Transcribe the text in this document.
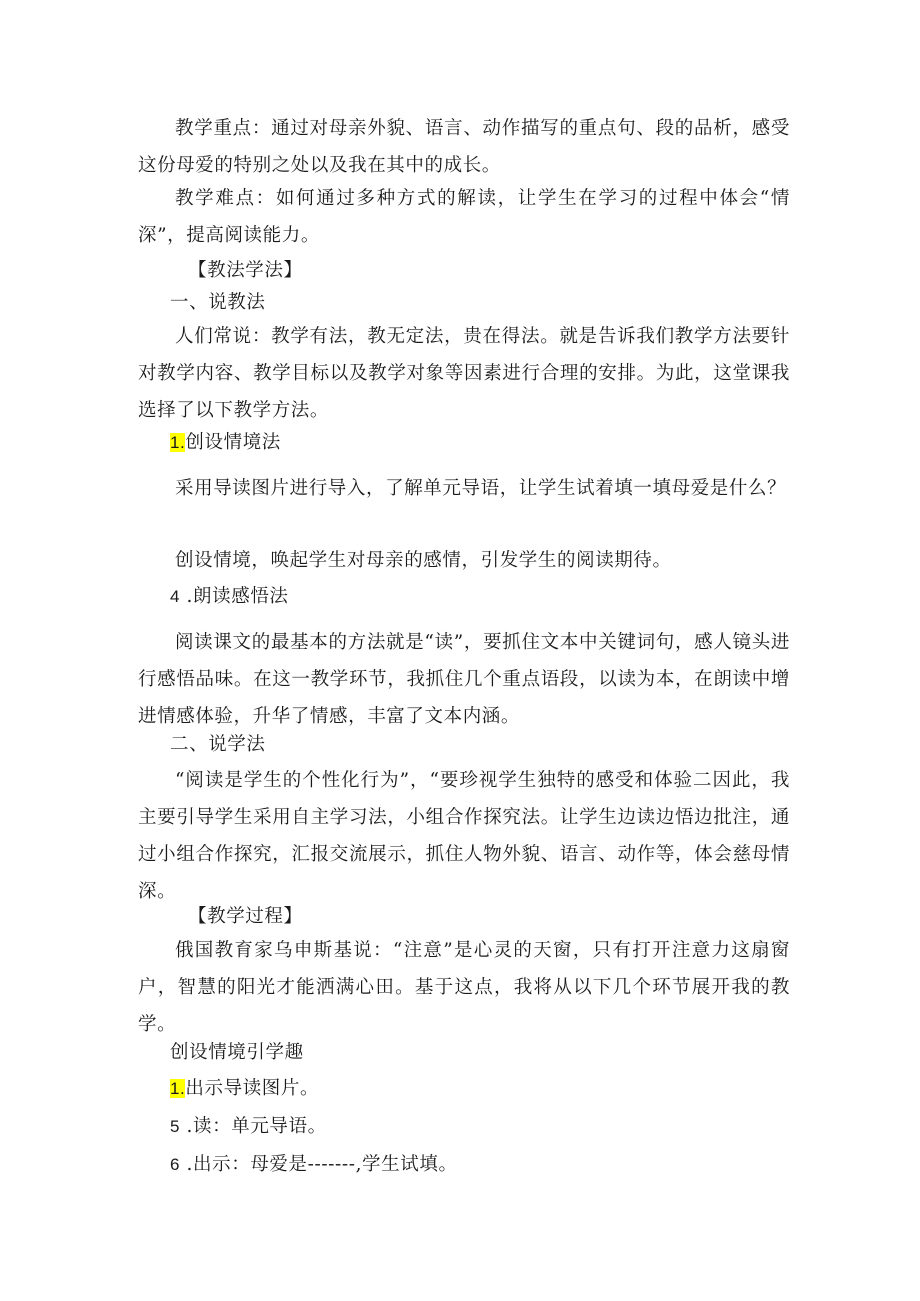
教学重点：通过对母亲外貌、语言、动作描写的重点句、段的品析，感受这份母爱的特别之处以及我在其中的成长。

教学难点：如何通过多种方式的解读，让学生在学习的过程中体会“情深”，提高阅读能力。

【教法学法】

一、说教法

人们常说：教学有法，教无定法，贵在得法。就是告诉我们教学方法要针对教学内容、教学目标以及教学对象等因素进行合理的安排。为此，这堂课我选择了以下教学方法。

1.创设情境法

采用导读图片进行导入，了解单元导语，让学生试着填一填母爱是什么？

创设情境，唤起学生对母亲的感情，引发学生的阅读期待。

4 .朗读感悟法

阅读课文的最基本的方法就是“读”，要抓住文本中关键词句，感人镜头进行感悟品味。在这一教学环节，我抓住几个重点语段，以读为本，在朗读中增进情感体验，升华了情感，丰富了文本内涵。

二、说学法

“阅读是学生的个性化行为”，“要珍视学生独特的感受和体验二因此，我主要引导学生采用自主学习法，小组合作探究法。让学生边读边悟边批注，通过小组合作探究，汇报交流展示，抓住人物外貌、语言、动作等，体会慈母情深。

【教学过程】

俄国教育家乌申斯基说：“注意”是心灵的天窗，只有打开注意力这扇窗户，智慧的阳光才能洒满心田。基于这点，我将从以下几个环节展开我的教学。

创设情境引学趣

1.出示导读图片。

5 .读：单元导语。

6 .出示：母爱是-------,学生试填。
